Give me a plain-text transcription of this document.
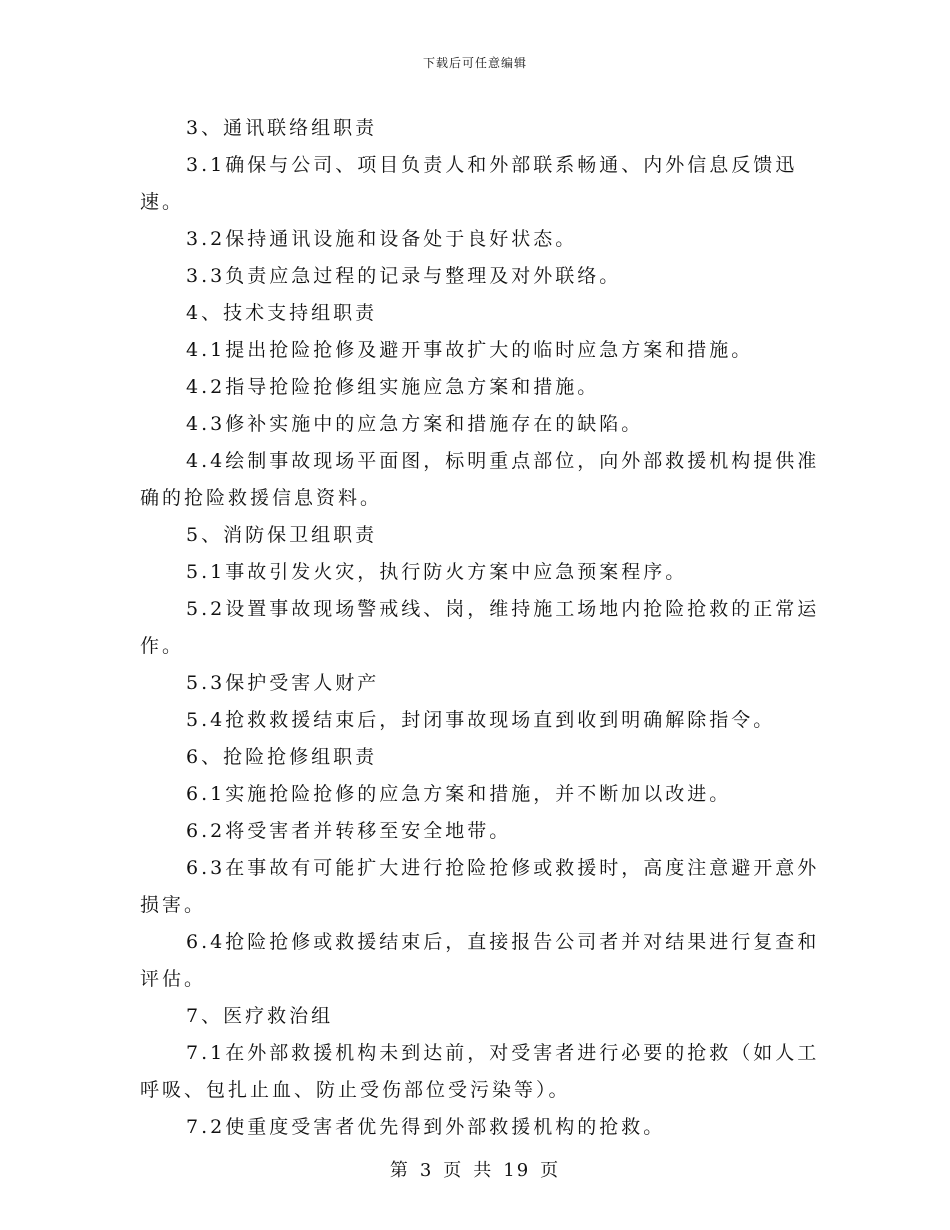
下载后可任意编辑

3、通讯联络组职责

3.1确保与公司、项目负责人和外部联系畅通、内外信息反馈迅速。

3.2保持通讯设施和设备处于良好状态。

3.3负责应急过程的记录与整理及对外联络。

4、技术支持组职责

4.1提出抢险抢修及避开事故扩大的临时应急方案和措施。

4.2指导抢险抢修组实施应急方案和措施。

4.3修补实施中的应急方案和措施存在的缺陷。

4.4绘制事故现场平面图，标明重点部位，向外部救援机构提供准确的抢险救援信息资料。

5、消防保卫组职责

5.1事故引发火灾，执行防火方案中应急预案程序。

5.2设置事故现场警戒线、岗，维持施工场地内抢险抢救的正常运作。

5.3保护受害人财产

5.4抢救救援结束后，封闭事故现场直到收到明确解除指令。

6、抢险抢修组职责

6.1实施抢险抢修的应急方案和措施，并不断加以改进。

6.2将受害者并转移至安全地带。

6.3在事故有可能扩大进行抢险抢修或救援时，高度注意避开意外损害。

6.4抢险抢修或救援结束后，直接报告公司者并对结果进行复查和评估。

7、医疗救治组

7.1在外部救援机构未到达前，对受害者进行必要的抢救（如人工呼吸、包扎止血、防止受伤部位受污染等）。

7.2使重度受害者优先得到外部救援机构的抢救。

第 3 页 共 19 页
